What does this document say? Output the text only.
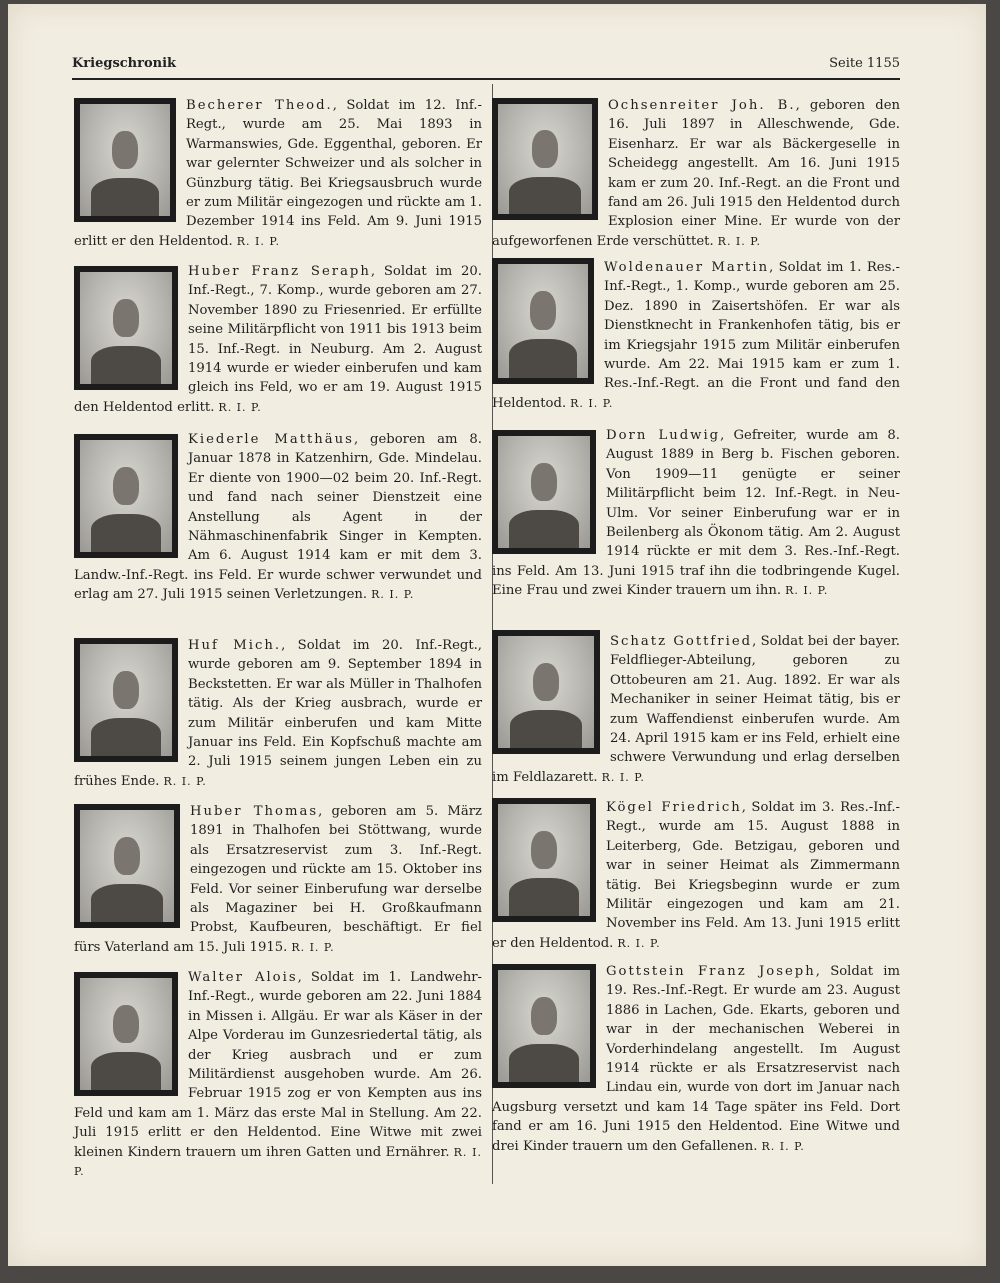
Kriegschronik	Seite 1155
Becherer Theod., Soldat im 12. Inf.-Regt., wurde am 25. Mai 1893 in Warmanswies, Gde. Eggenthal, geboren. Er war gelernter Schweizer und als solcher in Günzburg tätig. Bei Kriegsausbruch wurde er zum Militär eingezogen und rückte am 1. Dezember 1914 ins Feld. Am 9. Juni 1915 erlitt er den Heldentod. R. I. P.
Huber Franz Seraph, Soldat im 20. Inf.-Regt., 7. Komp., wurde geboren am 27. November 1890 zu Friesenried. Er erfüllte seine Militärpflicht von 1911 bis 1913 beim 15. Inf.-Regt. in Neuburg. Am 2. August 1914 wurde er wieder einberufen und kam gleich ins Feld, wo er am 19. August 1915 den Heldentod erlitt. R. I. P.
Kiederle Matthäus, geboren am 8. Januar 1878 in Katzenhirn, Gde. Mindelau. Er diente von 1900—02 beim 20. Inf.-Regt. und fand nach seiner Dienstzeit eine Anstellung als Agent in der Nähmaschinenfabrik Singer in Kempten. Am 6. August 1914 kam er mit dem 3. Landw.-Inf.-Regt. ins Feld. Er wurde schwer verwundet und erlag am 27. Juli 1915 seinen Verletzungen. R. I. P.
Huf Mich., Soldat im 20. Inf.-Regt., wurde geboren am 9. September 1894 in Beckstetten. Er war als Müller in Thalhofen tätig. Als der Krieg ausbrach, wurde er zum Militär einberufen und kam Mitte Januar ins Feld. Ein Kopfschuß machte am 2. Juli 1915 seinem jungen Leben ein zu frühes Ende. R. I. P.
Huber Thomas, geboren am 5. März 1891 in Thalhofen bei Stöttwang, wurde als Ersatzreservist zum 3. Inf.-Regt. eingezogen und rückte am 15. Oktober ins Feld. Vor seiner Einberufung war derselbe als Magaziner bei H. Großkaufmann Probst, Kaufbeuren, beschäftigt. Er fiel fürs Vaterland am 15. Juli 1915. R. I. P.
Walter Alois, Soldat im 1. Landwehr-Inf.-Regt., wurde geboren am 22. Juni 1884 in Missen i. Allgäu. Er war als Käser in der Alpe Vorderau im Gunzesriedertal tätig, als der Krieg ausbrach und er zum Militärdienst ausgehoben wurde. Am 26. Februar 1915 zog er von Kempten aus ins Feld und kam am 1. März das erste Mal in Stellung. Am 22. Juli 1915 erlitt er den Heldentod. Eine Witwe mit zwei kleinen Kindern trauern um ihren Gatten und Ernährer. R. I. P.
Ochsenreiter Joh. B., geboren den 16. Juli 1897 in Alleschwende, Gde. Eisenharz. Er war als Bäckergeselle in Scheidegg angestellt. Am 16. Juni 1915 kam er zum 20. Inf.-Regt. an die Front und fand am 26. Juli 1915 den Heldentod durch Explosion einer Mine. Er wurde von der aufgeworfenen Erde verschüttet. R. I. P.
Woldenauer Martin, Soldat im 1. Res.-Inf.-Regt., 1. Komp., wurde geboren am 25. Dez. 1890 in Zaisertshöfen. Er war als Dienstknecht in Frankenhofen tätig, bis er im Kriegsjahr 1915 zum Militär einberufen wurde. Am 22. Mai 1915 kam er zum 1. Res.-Inf.-Regt. an die Front und fand den Heldentod. R. I. P.
Dorn Ludwig, Gefreiter, wurde am 8. August 1889 in Berg b. Fischen geboren. Von 1909—11 genügte er seiner Militärpflicht beim 12. Inf.-Regt. in Neu-Ulm. Vor seiner Einberufung war er in Beilenberg als Ökonom tätig. Am 2. August 1914 rückte er mit dem 3. Res.-Inf.-Regt. ins Feld. Am 13. Juni 1915 traf ihn die todbringende Kugel. Eine Frau und zwei Kinder trauern um ihn. R. I. P.
Schatz Gottfried, Soldat bei der bayer. Feldflieger-Abteilung, geboren zu Ottobeuren am 21. Aug. 1892. Er war als Mechaniker in seiner Heimat tätig, bis er zum Waffendienst einberufen wurde. Am 24. April 1915 kam er ins Feld, erhielt eine schwere Verwundung und erlag derselben im Feldlazarett. R. I. P.
Kögel Friedrich, Soldat im 3. Res.-Inf.-Regt., wurde am 15. August 1888 in Leiterberg, Gde. Betzigau, geboren und war in seiner Heimat als Zimmermann tätig. Bei Kriegsbeginn wurde er zum Militär eingezogen und kam am 21. November ins Feld. Am 13. Juni 1915 erlitt er den Heldentod. R. I. P.
Gottstein Franz Joseph, Soldat im 19. Res.-Inf.-Regt. Er wurde am 23. August 1886 in Lachen, Gde. Ekarts, geboren und war in der mechanischen Weberei in Vorderhindelang angestellt. Im August 1914 rückte er als Ersatzreservist nach Lindau ein, wurde von dort im Januar nach Augsburg versetzt und kam 14 Tage später ins Feld. Dort fand er am 16. Juni 1915 den Heldentod. Eine Witwe und drei Kinder trauern um den Gefallenen. R. I. P.
